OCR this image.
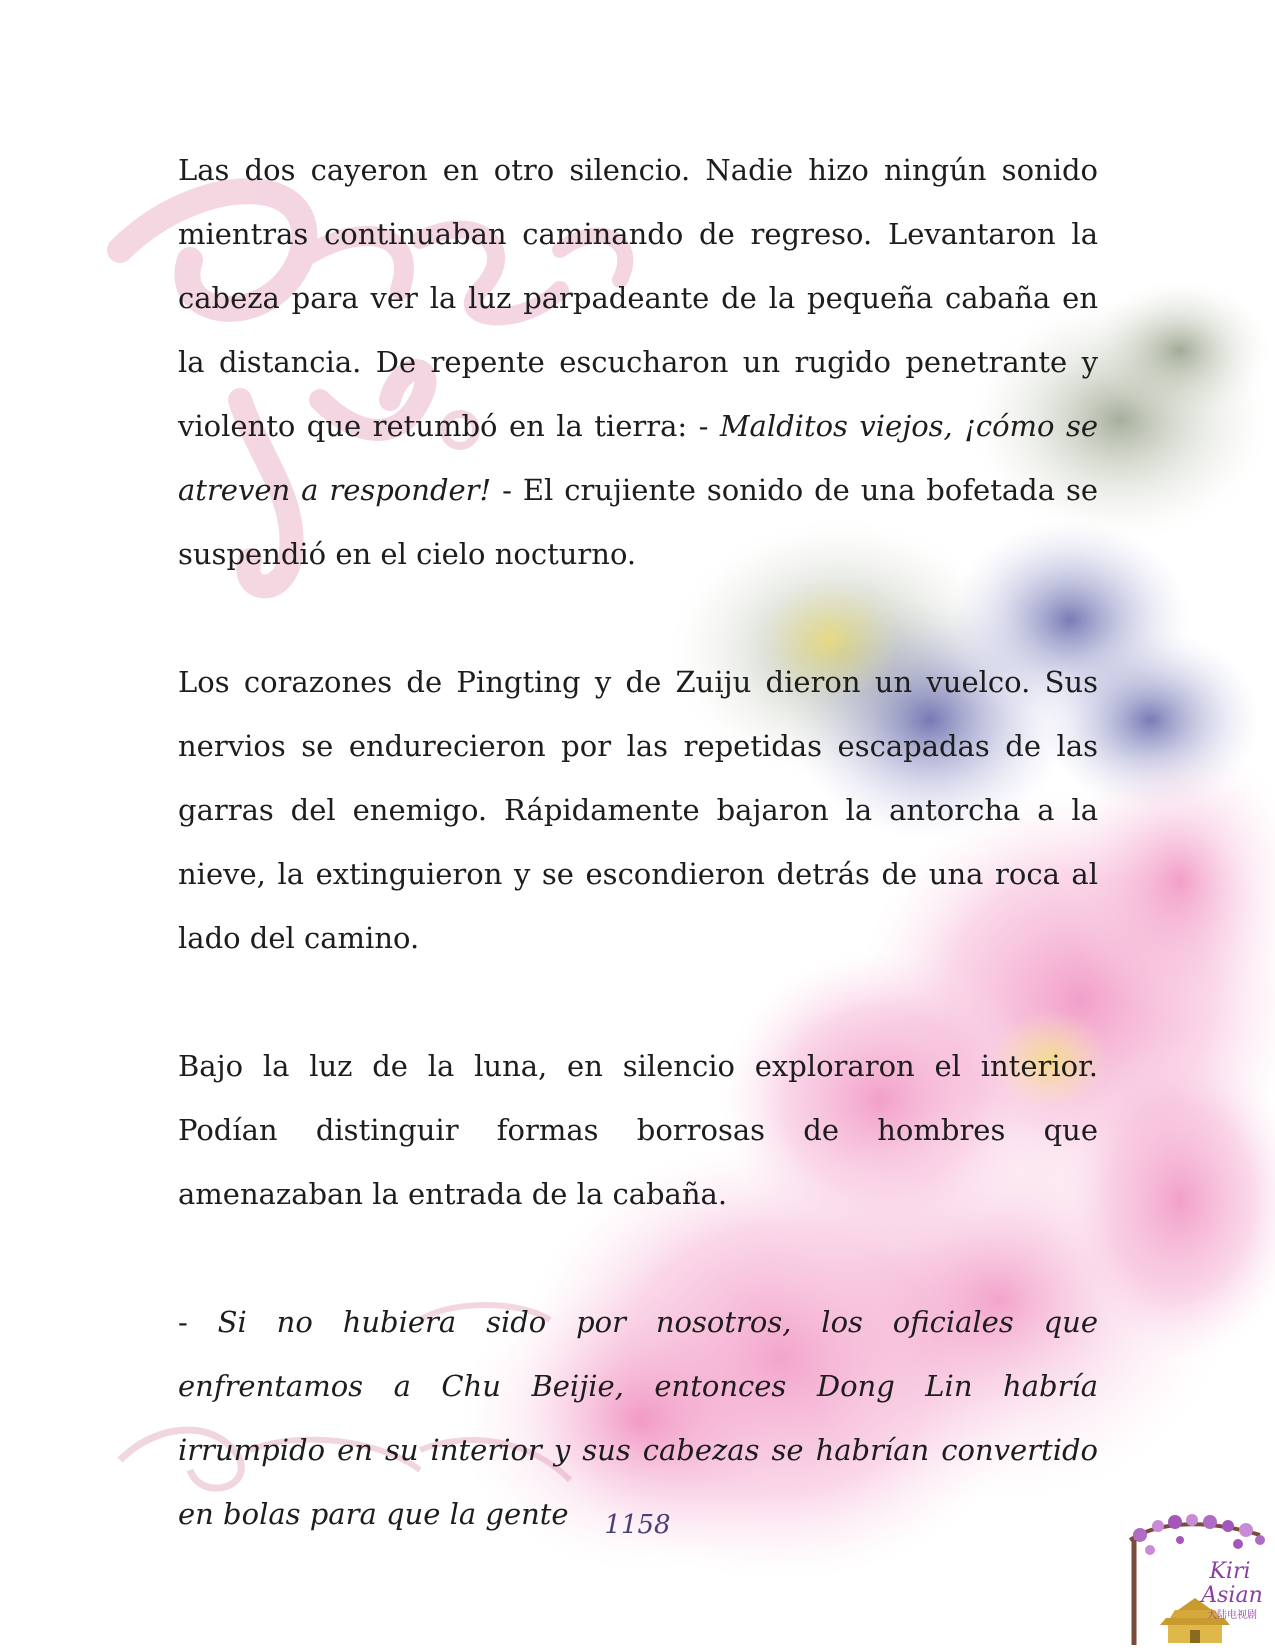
Las dos cayeron en otro silencio. Nadie hizo ningún sonido mientras continuaban caminando de regreso. Levantaron la cabeza para ver la luz parpadeante de la pequeña cabaña en la distancia. De repente escucharon un rugido penetrante y violento que retumbó en la tierra: - Malditos viejos, ¡cómo se atreven a responder! - El crujiente sonido de una bofetada se suspendió en el cielo nocturno.

Los corazones de Pingting y de Zuiju dieron un vuelco. Sus nervios se endurecieron por las repetidas escapadas de las garras del enemigo. Rápidamente bajaron la antorcha a la nieve, la extinguieron y se escondieron detrás de una roca al lado del camino.

Bajo la luz de la luna, en silencio exploraron el interior. Podían distinguir formas borrosas de hombres que amenazaban la entrada de la cabaña.

- Si no hubiera sido por nosotros, los oficiales que enfrentamos a Chu Beijie, entonces Dong Lin habría irrumpido en su interior y sus cabezas se habrían convertido en bolas para que la gente	1158
Kiri
Asian
大陆电视剧
